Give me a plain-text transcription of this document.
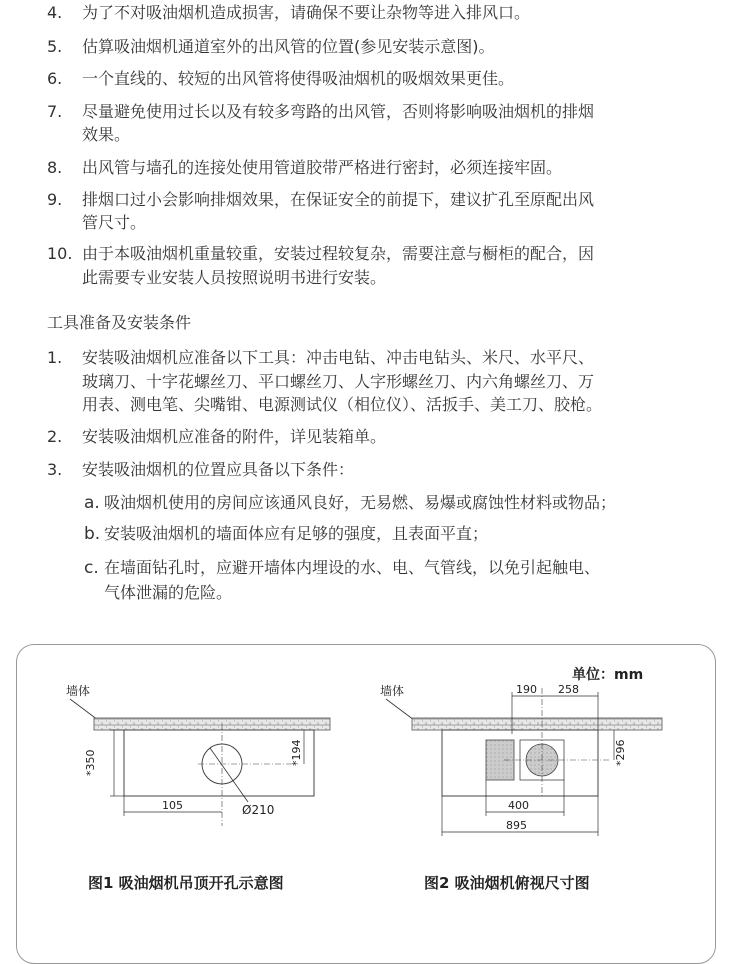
4. 为了不对吸油烟机造成损害，请确保不要让杂物等进入排风口。
5. 估算吸油烟机通道室外的出风管的位置(参见安装示意图)。
6. 一个直线的、较短的出风管将使得吸油烟机的吸烟效果更佳。
7. 尽量避免使用过长以及有较多弯路的出风管，否则将影响吸油烟机的排烟
效果。
8. 出风管与墙孔的连接处使用管道胶带严格进行密封，必须连接牢固。
9. 排烟口过小会影响排烟效果，在保证安全的前提下，建议扩孔至原配出风
管尺寸。
10. 由于本吸油烟机重量较重，安装过程较复杂，需要注意与橱柜的配合，因
此需要专业安装人员按照说明书进行安装。
工具准备及安装条件
1. 安装吸油烟机应准备以下工具：冲击电钻、冲击电钻头、米尺、水平尺、
玻璃刀、十字花螺丝刀、平口螺丝刀、人字形螺丝刀、内六角螺丝刀、万
用表、测电笔、尖嘴钳、电源测试仪（相位仪）、活扳手、美工刀、胶枪。
2. 安装吸油烟机应准备的附件，详见装箱单。
3. 安装吸油烟机的位置应具备以下条件：
a. 吸油烟机使用的房间应该通风良好，无易燃、易爆或腐蚀性材料或物品；
b. 安装吸油烟机的墙面体应有足够的强度，且表面平直；
c. 在墙面钻孔时，应避开墙体内埋设的水、电、气管线，以免引起触电、
气体泄漏的危险。
单位：mm
墙体
Ø210
*350	*194
105
图1 吸油烟机吊顶开孔示意图
墙体	190 258
*296
400
895
图2 吸油烟机俯视尺寸图
